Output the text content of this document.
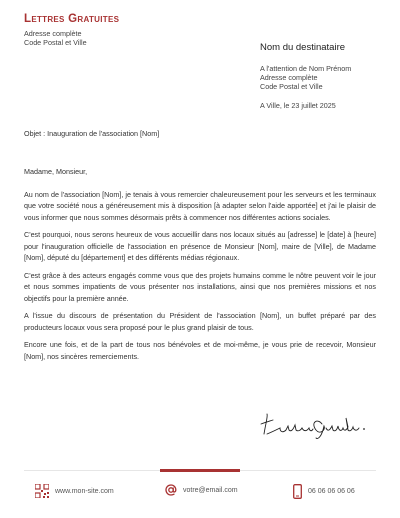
Lettres Gratuites
Adresse complète
Code Postal et Ville	Nom du destinataire
A l'attention de Nom Prénom
Adresse complète
Code Postal et Ville
A Ville, le 23 juillet 2025
Objet : Inauguration de l'association [Nom]

Madame, Monsieur,

Au nom de l'association [Nom], je tenais à vous remercier chaleureusement pour les serveurs et les terminaux que votre société nous a généreusement mis à disposition [à adapter selon l'aide apportée] et j'ai le plaisir de vous informer que nous sommes désormais prêts à commencer nos différentes actions sociales.

C'est pourquoi, nous serons heureux de vous accueillir dans nos locaux situés au [adresse] le [date] à [heure] pour l'inauguration officielle de l'association en présence de Monsieur [Nom], maire de [Ville], de Madame [Nom], député du [département] et des différents médias régionaux.

C'est grâce à des acteurs engagés comme vous que des projets humains comme le nôtre peuvent voir le jour et nous sommes impatients de vous présenter nos installations, ainsi que nos premières missions et nos objectifs pour la première année.

A l'issue du discours de présentation du Président de l'association [Nom], un buffet préparé par des producteurs locaux vous sera proposé pour le plus grand plaisir de tous.

Encore une fois, et de la part de tous nos bénévoles et de moi-même, je vous prie de recevoir, Monsieur [Nom], nos sincères remerciements.

www.mon-site.com	votre@email.com	06 06 06 06 06
